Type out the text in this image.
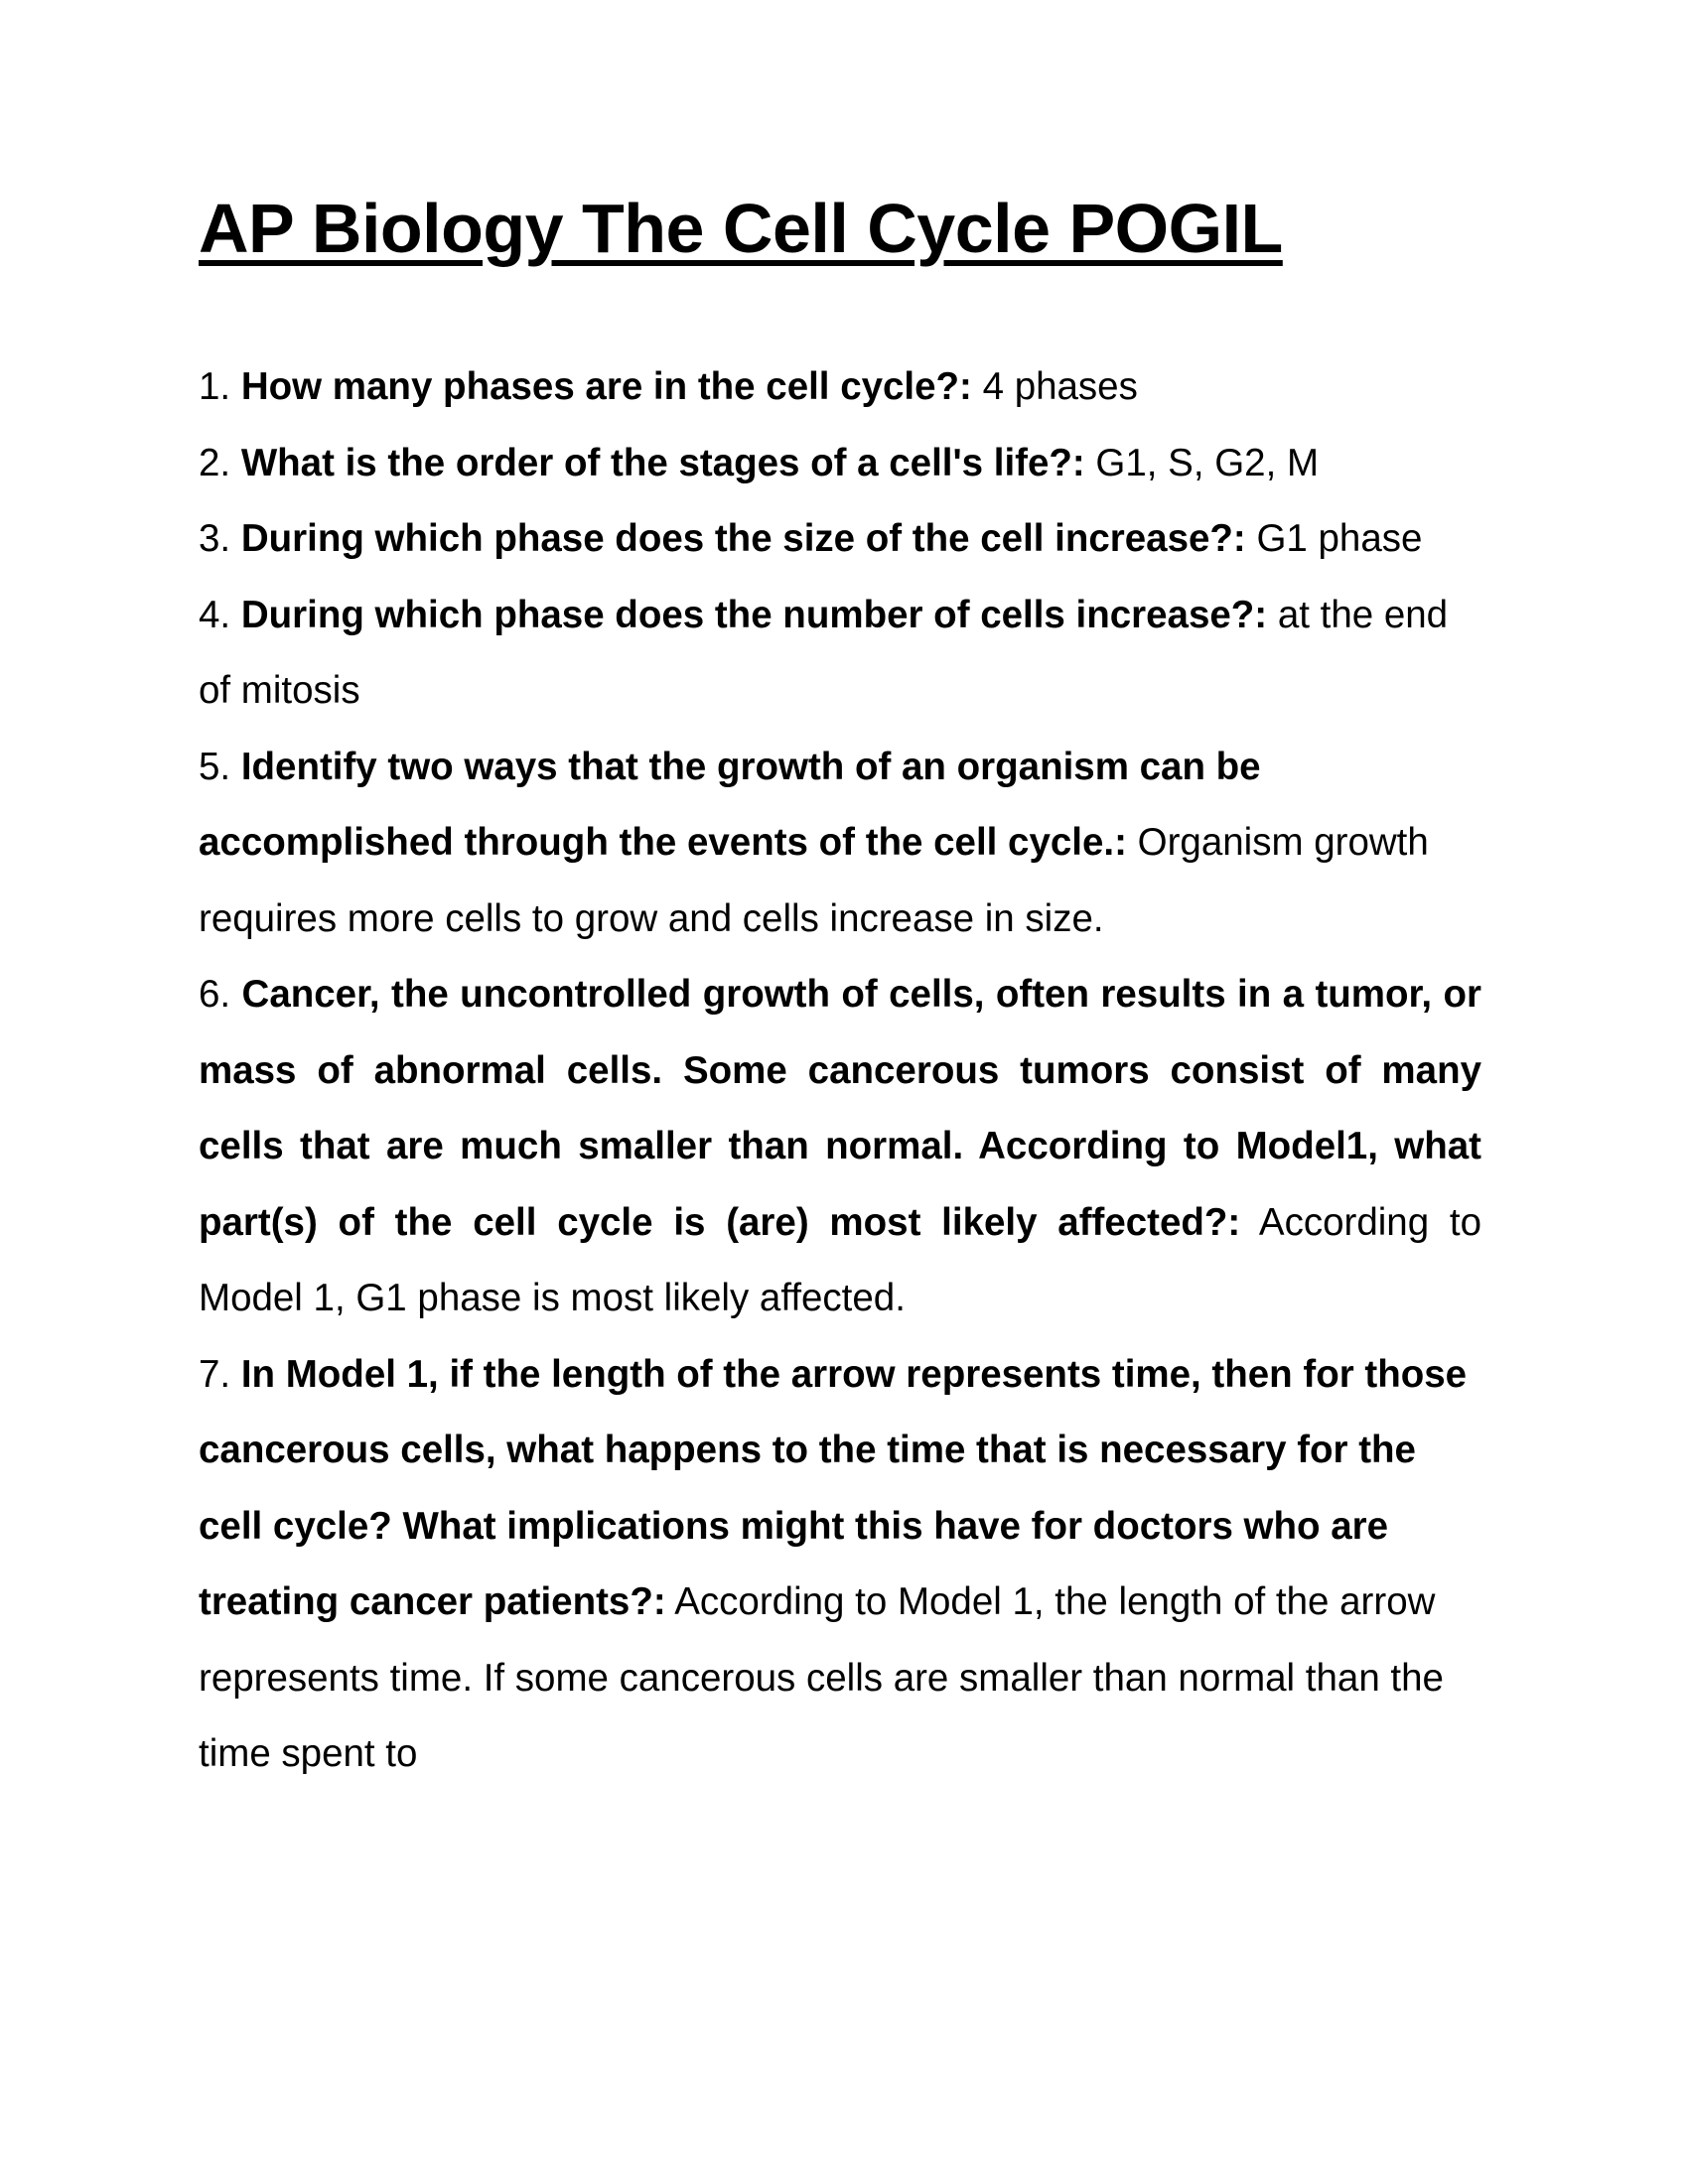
AP Biology The Cell Cycle POGIL

1. How many phases are in the cell cycle?: 4 phases

2. What is the order of the stages of a cell's life?: G1, S, G2, M

3. During which phase does the size of the cell increase?: G1 phase

4. During which phase does the number of cells increase?: at the end of mitosis

5. Identify two ways that the growth of an organism can be accomplished through the events of the cell cycle.: Organism growth requires more cells to grow and cells increase in size.

6. Cancer, the uncontrolled growth of cells, often results in a tumor, or mass of abnormal cells. Some cancerous tumors consist of many cells that are much smaller than normal. According to Model1, what part(s) of the cell cycle is (are) most likely affected?: According to Model 1, G1 phase is most likely affected.

7. In Model 1, if the length of the arrow represents time, then for those cancerous cells, what happens to the time that is necessary for the cell cycle? What implications might this have for doctors who are treating cancer patients?: According to Model 1, the length of the arrow represents time. If some cancerous cells are smaller than normal than the time spent to
